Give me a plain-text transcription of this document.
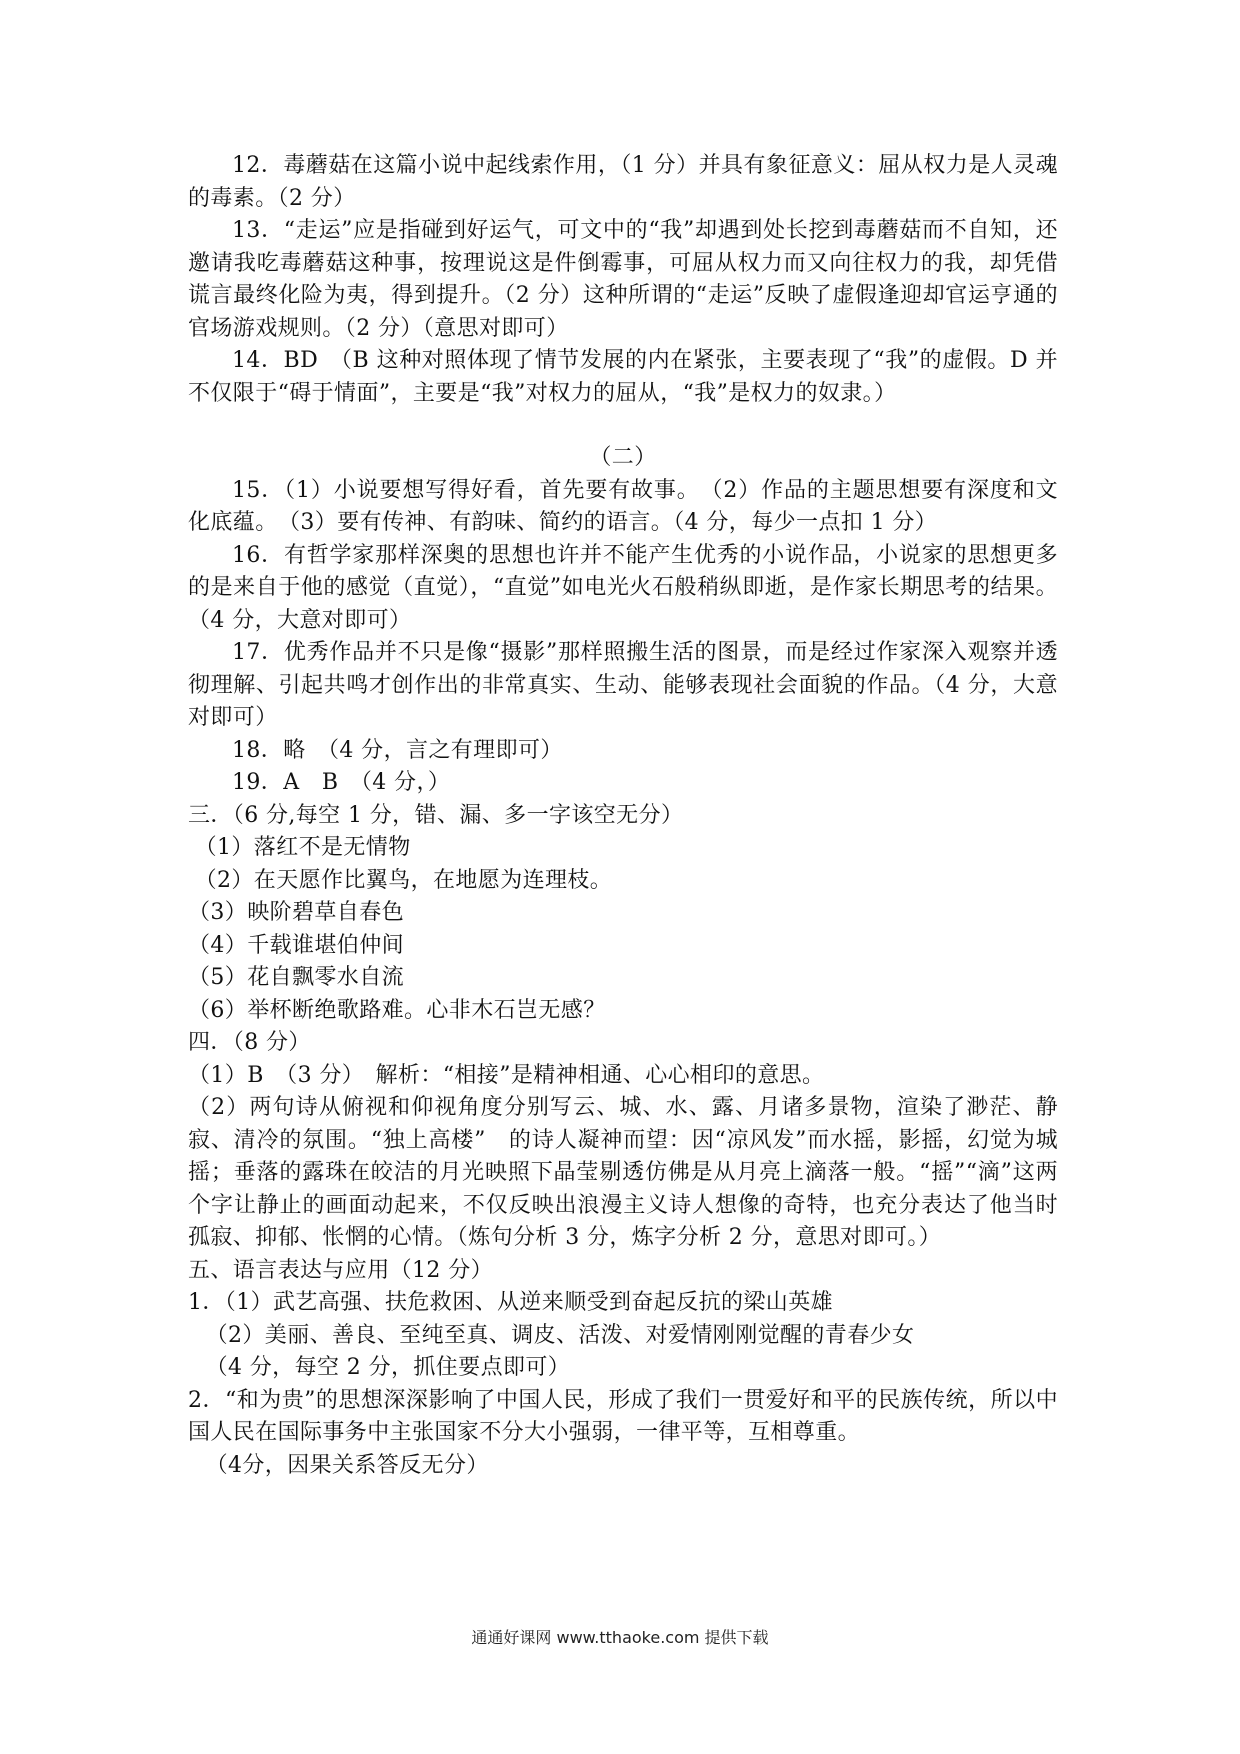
12．毒蘑菇在这篇小说中起线索作用，（1 分）并具有象征意义：屈从权力是人灵魂的毒素。（2 分）

13．“走运”应是指碰到好运气，可文中的“我”却遇到处长挖到毒蘑菇而不自知，还邀请我吃毒蘑菇这种事，按理说这是件倒霉事，可屈从权力而又向往权力的我，却凭借谎言最终化险为夷，得到提升。（2 分）这种所谓的“走运”反映了虚假逢迎却官运亨通的官场游戏规则。（2 分）（意思对即可）

14．BD　（B 这种对照体现了情节发展的内在紧张，主要表现了“我”的虚假。D 并不仅限于“碍于情面”，主要是“我”对权力的屈从，“我”是权力的奴隶。）

（二）

15．（1）小说要想写得好看，首先要有故事。　（2）作品的主题思想要有深度和文化底蕴。　（3）要有传神、有韵味、简约的语言。（4 分，每少一点扣 1 分）

16．有哲学家那样深奥的思想也许并不能产生优秀的小说作品，小说家的思想更多的是来自于他的感觉（直觉），“直觉”如电光火石般稍纵即逝，是作家长期思考的结果。（4 分，大意对即可）

17．优秀作品并不只是像“摄影”那样照搬生活的图景，而是经过作家深入观察并透彻理解、引起共鸣才创作出的非常真实、生动、能够表现社会面貌的作品。（4 分，大意对即可）

18．略　（4 分，言之有理即可）

19．A　B　（4 分，）

三．（6 分,每空 1 分，错、漏、多一字该空无分）

（1）落红不是无情物

（2）在天愿作比翼鸟，在地愿为连理枝。

（3）映阶碧草自春色

（4）千载谁堪伯仲间

（5）花自飘零水自流

（6）举杯断绝歌路难。心非木石岂无感？

四．（8 分）

（1）B　（3 分）　解析：“相接”是精神相通、心心相印的意思。

（2）两句诗从俯视和仰视角度分别写云、城、水、露、月诸多景物，渲染了渺茫、静寂、清冷的氛围。“独上高楼”　的诗人凝神而望：因“凉风发”而水摇，影摇，幻觉为城摇；垂落的露珠在皎洁的月光映照下晶莹剔透仿佛是从月亮上滴落一般。“摇”“滴”这两个字让静止的画面动起来，不仅反映出浪漫主义诗人想像的奇特，也充分表达了他当时孤寂、抑郁、怅惘的心情。（炼句分析 3 分，炼字分析 2 分，意思对即可。）

五、语言表达与应用（12 分）

1．（1）武艺高强、扶危救困、从逆来顺受到奋起反抗的梁山英雄

（2）美丽、善良、至纯至真、调皮、活泼、对爱情刚刚觉醒的青春少女

（4 分，每空 2 分，抓住要点即可）

2．“和为贵”的思想深深影响了中国人民，形成了我们一贯爱好和平的民族传统，所以中国人民在国际事务中主张国家不分大小强弱，一律平等，互相尊重。

（4分，因果关系答反无分）

通通好课网 www.tthaoke.com 提供下载
